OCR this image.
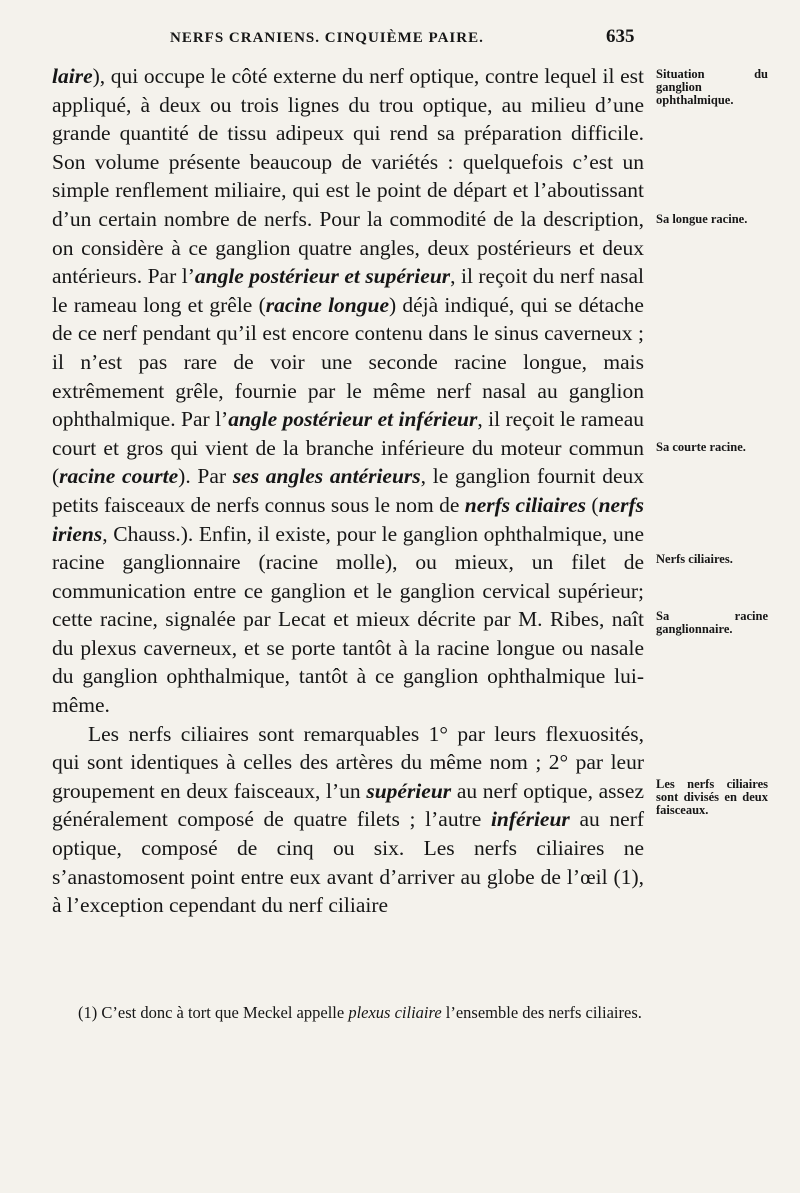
NERFS CRANIENS. CINQUIÈME PAIRE.	635

laire), qui occupe le côté externe du nerf optique, contre lequel il est appliqué, à deux ou trois lignes du trou optique, au milieu d’une grande quantité de tissu adipeux qui rend sa préparation difficile. Son volume présente beaucoup de variétés : quelquefois c’est un simple renflement miliaire, qui est le point de départ et l’aboutissant d’un certain nombre de nerfs. Pour la commodité de la description, on considère à ce ganglion quatre angles, deux postérieurs et deux antérieurs. Par l’angle postérieur et supérieur, il reçoit du nerf nasal le rameau long et grêle (racine longue) déjà indiqué, qui se détache de ce nerf pendant qu’il est encore contenu dans le sinus caverneux ; il n’est pas rare de voir une seconde racine longue, mais extrêmement grêle, fournie par le même nerf nasal au ganglion ophthalmique. Par l’angle postérieur et inférieur, il reçoit le rameau court et gros qui vient de la branche inférieure du moteur commun (racine courte). Par ses angles antérieurs, le ganglion fournit deux petits faisceaux de nerfs connus sous le nom de nerfs ciliaires (nerfs iriens, Chauss.). Enfin, il existe, pour le ganglion ophthalmique, une racine ganglionnaire (racine molle), ou mieux, un filet de communication entre ce ganglion et le ganglion cervical supérieur; cette racine, signalée par Lecat et mieux décrite par M. Ribes, naît du plexus caverneux, et se porte tantôt à la racine longue ou nasale du ganglion ophthalmique, tantôt à ce ganglion ophthalmique lui-même.

Les nerfs ciliaires sont remarquables 1° par leurs flexuosités, qui sont identiques à celles des artères du même nom ; 2° par leur groupement en deux faisceaux, l’un supérieur au nerf optique, assez généralement composé de quatre filets ; l’autre inférieur au nerf optique, composé de cinq ou six. Les nerfs ciliaires ne s’anastomosent point entre eux avant d’arriver au globe de l’œil (1), à l’exception cependant du nerf ciliaire

Situation du ganglion ophthalmique.
Sa longue racine.
Sa courte racine.
Nerfs ciliaires.
Sa racine ganglionnaire.
Les nerfs ciliaires sont divisés en deux faisceaux.

(1) C’est donc à tort que Meckel appelle plexus ciliaire l’ensemble des nerfs ciliaires.
